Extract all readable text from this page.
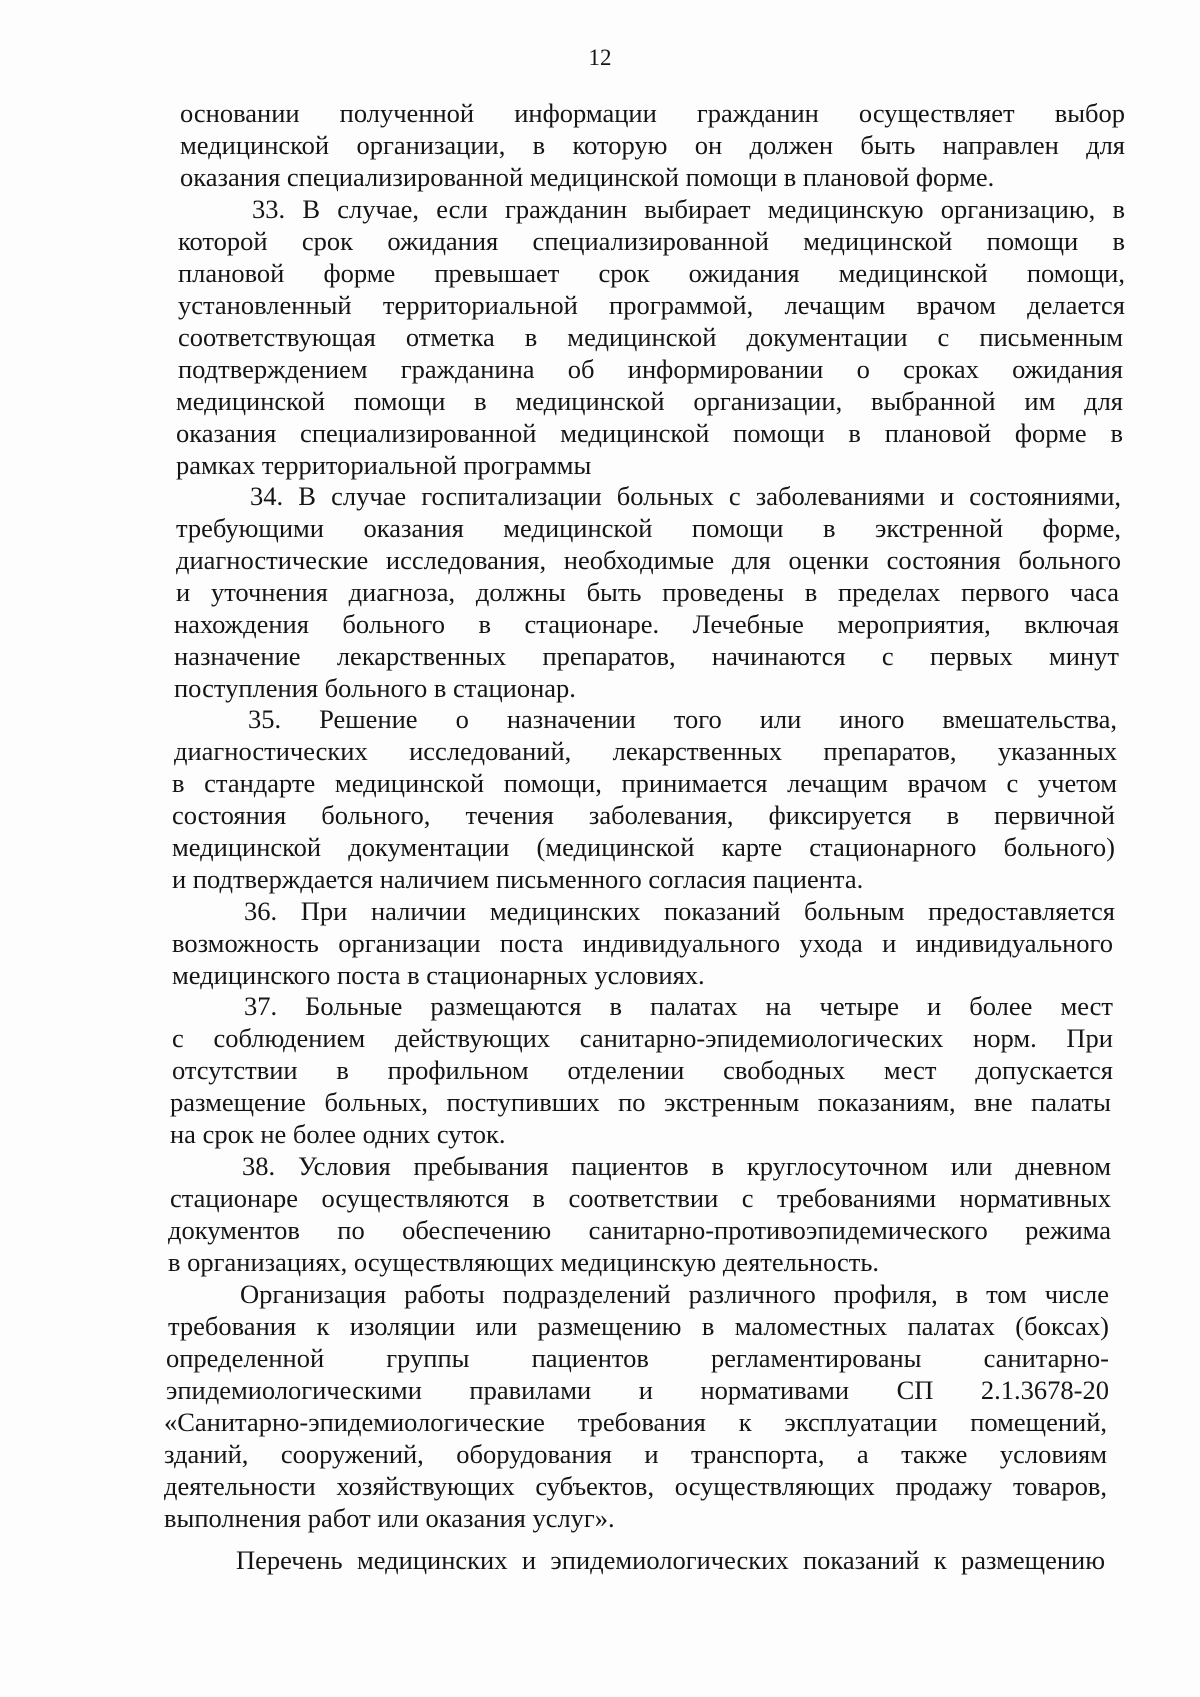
12
основании полученной информации гражданин осуществляет выбор
медицинской организации, в которую он должен быть направлен для
оказания специализированной медицинской помощи в плановой форме.
33. В случае, если гражданин выбирает медицинскую организацию, в
которой срок ожидания специализированной медицинской помощи в
плановой форме превышает срок ожидания медицинской помощи,
установленный территориальной программой, лечащим врачом делается
соответствующая отметка в медицинской документации с письменным
подтверждением гражданина об информировании о сроках ожидания
медицинской помощи в медицинской организации, выбранной им для
оказания специализированной медицинской помощи в плановой форме в
рамках территориальной программы
34. В случае госпитализации больных с заболеваниями и состояниями,
требующими оказания медицинской помощи в экстренной форме,
диагностические исследования, необходимые для оценки состояния больного
и уточнения диагноза, должны быть проведены в пределах первого часа
нахождения больного в стационаре. Лечебные мероприятия, включая
назначение лекарственных препаратов, начинаются с первых минут
поступления больного в стационар.
35. Решение о назначении того или иного вмешательства,
диагностических исследований, лекарственных препаратов, указанных
в стандарте медицинской помощи, принимается лечащим врачом с учетом
состояния больного, течения заболевания, фиксируется в первичной
медицинской документации (медицинской карте стационарного больного)
и подтверждается наличием письменного согласия пациента.
36. При наличии медицинских показаний больным предоставляется
возможность организации поста индивидуального ухода и индивидуального
медицинского поста в стационарных условиях.
37. Больные размещаются в палатах на четыре и более мест
с соблюдением действующих санитарно-эпидемиологических норм. При
отсутствии в профильном отделении свободных мест допускается
размещение больных, поступивших по экстренным показаниям, вне палаты
на срок не более одних суток.
38. Условия пребывания пациентов в круглосуточном или дневном
стационаре осуществляются в соответствии с требованиями нормативных
документов по обеспечению санитарно-противоэпидемического режима
в организациях, осуществляющих медицинскую деятельность.
Организация работы подразделений различного профиля, в том числе
требования к изоляции или размещению в маломестных палатах (боксах)
определенной группы пациентов регламентированы санитарно-
эпидемиологическими правилами и нормативами СП 2.1.3678-20
«Санитарно-эпидемиологические требования к эксплуатации помещений,
зданий, сооружений, оборудования и транспорта, а также условиям
деятельности хозяйствующих субъектов, осуществляющих продажу товаров,
выполнения работ или оказания услуг».
Перечень медицинских и эпидемиологических показаний к размещению
